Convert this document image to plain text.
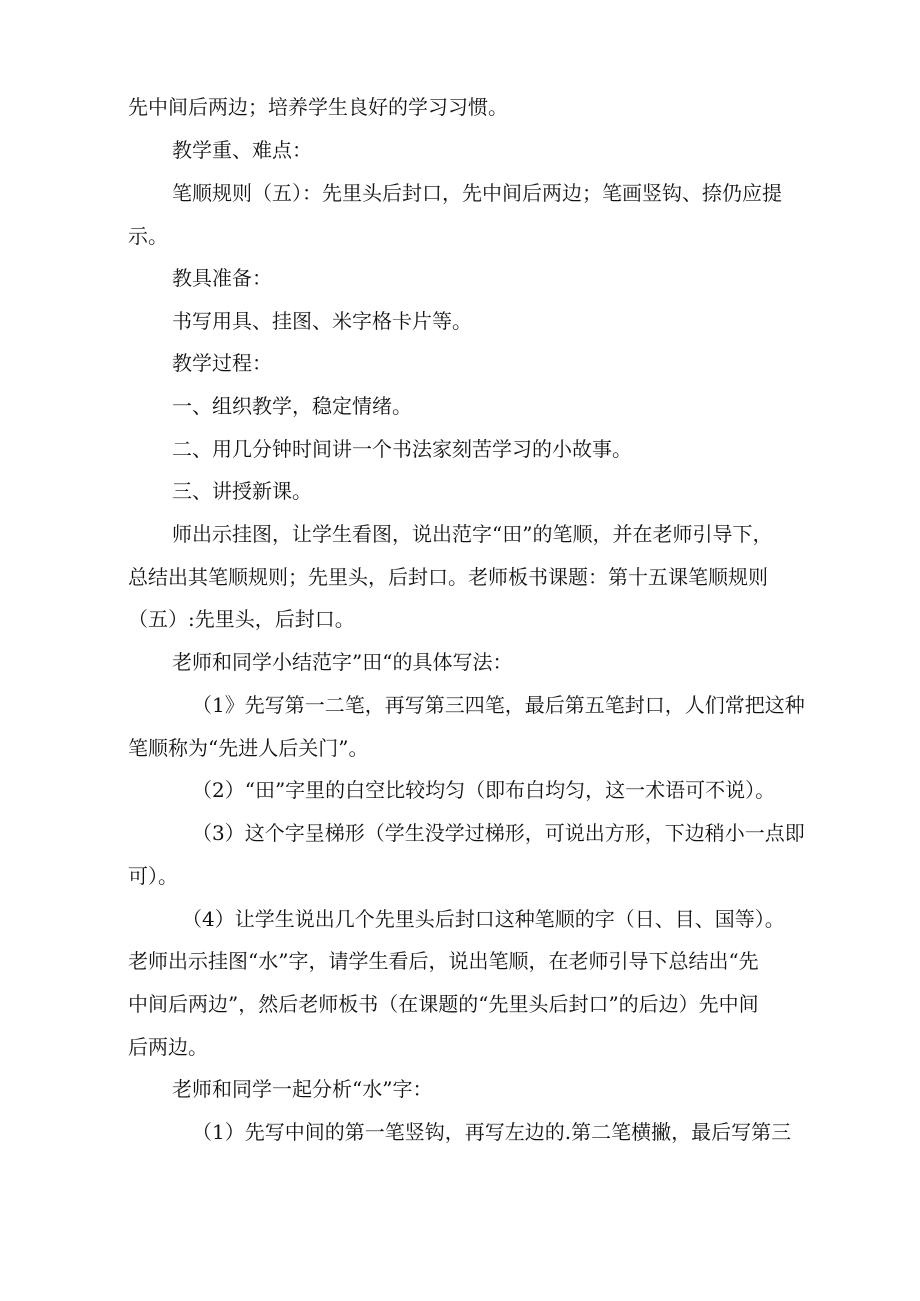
先中间后两边；培养学生良好的学习习惯。
教学重、难点：
笔顺规则（五）：先里头后封口，先中间后两边；笔画竖钩、捺仍应提
示。
教具准备：
书写用具、挂图、米字格卡片等。
教学过程：
一、组织教学，稳定情绪。
二、用几分钟时间讲一个书法家刻苦学习的小故事。
三、讲授新课。
师出示挂图，让学生看图，说出范字“田”的笔顺，并在老师引导下，
总结出其笔顺规则；先里头，后封口。老师板书课题：第十五课笔顺规则
（五）:先里头，后封口。
老师和同学小结范字”田“的具体写法：
（1》先写第一二笔，再写第三四笔，最后第五笔封口，人们常把这种
笔顺称为“先进人后关门”。
（2）“田”字里的白空比较均匀（即布白均匀，这一术语可不说）。
（3）这个字呈梯形（学生没学过梯形，可说出方形，下边稍小一点即
可）。
（4）让学生说出几个先里头后封口这种笔顺的字（日、目、国等）。
老师出示挂图“水”字，请学生看后，说出笔顺，在老师引导下总结出“先
中间后两边”，然后老师板书（在课题的“先里头后封口”的后边）先中间
后两边。
老师和同学一起分析“水”字：
（1）先写中间的第一笔竖钩，再写左边的.第二笔横撇，最后写第三
